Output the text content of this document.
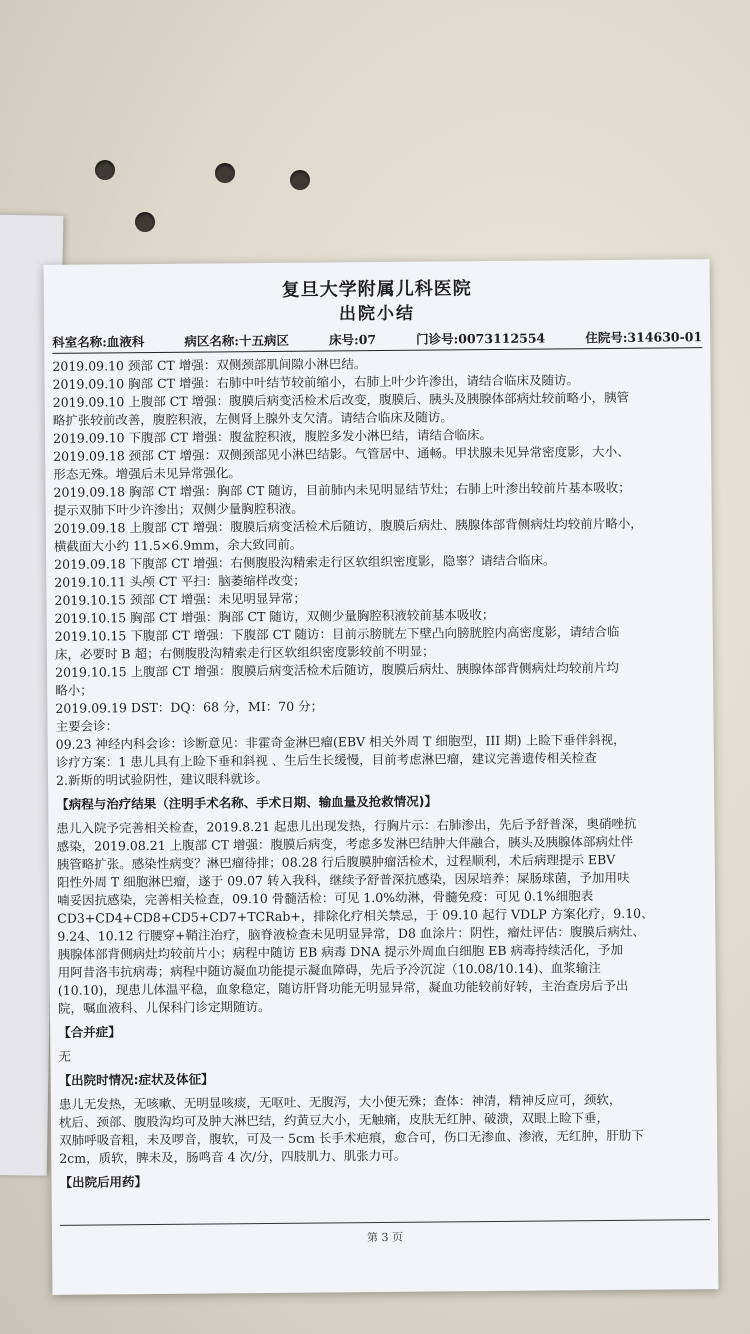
复旦大学附属儿科医院
出院小结
科室名称:血液科	病区名称:十五病区	床号:07	门诊号:0073112554	住院号:314630-01
2019.09.10 颈部 CT 增强：双侧颈部肌间隙小淋巴结。
2019.09.10 胸部 CT 增强：右肺中叶结节较前缩小，右肺上叶少许渗出，请结合临床及随访。
2019.09.10 上腹部 CT 增强：腹膜后病变活检术后改变，腹膜后、胰头及胰腺体部病灶较前略小，胰管
略扩张较前改善，腹腔积液，左侧肾上腺外支欠清。请结合临床及随访。
2019.09.10 下腹部 CT 增强：腹盆腔积液，腹腔多发小淋巴结，请结合临床。
2019.09.18 颈部 CT 增强：双侧颈部见小淋巴结影。气管居中、通畅。甲状腺未见异常密度影，大小、
形态无殊。增强后未见异常强化。
2019.09.18 胸部 CT 增强：胸部 CT 随访，目前肺内未见明显结节灶；右肺上叶渗出较前片基本吸收；
提示双肺下叶少许渗出；双侧少量胸腔积液。
2019.09.18 上腹部 CT 增强：腹膜后病变活检术后随访，腹膜后病灶、胰腺体部背侧病灶均较前片略小，
横截面大小约 11.5×6.9mm，余大致同前。
2019.09.18 下腹部 CT 增强：右侧腹股沟精索走行区软组织密度影，隐睾？请结合临床。
2019.10.11 头颅 CT 平扫：脑萎缩样改变；
2019.10.15 颈部 CT 增强：未见明显异常；
2019.10.15 胸部 CT 增强：胸部 CT 随访，双侧少量胸腔积液较前基本吸收；
2019.10.15 下腹部 CT 增强：下腹部 CT 随访：目前示膀胱左下壁凸向膀胱腔内高密度影，请结合临
床，必要时 B 超；右侧腹股沟精索走行区软组织密度影较前不明显；
2019.10.15 上腹部 CT 增强：腹膜后病变活检术后随访，腹膜后病灶、胰腺体部背侧病灶均较前片均
略小；
2019.09.19 DST：DQ：68 分，MI：70 分；
主要会诊：
09.23 神经内科会诊：诊断意见：非霍奇金淋巴瘤(EBV 相关外周 T 细胞型，III 期) 上睑下垂伴斜视，
诊疗方案：1 患儿具有上睑下垂和斜视 、生后生长缓慢，目前考虑淋巴瘤，建议完善遗传相关检查
2.新斯的明试验阴性，建议眼科就诊。
【病程与治疗结果（注明手术名称、手术日期、输血量及抢救情况)】
患儿入院予完善相关检查，2019.8.21 起患儿出现发热，行胸片示：右肺渗出，先后予舒普深，奥硝唑抗
感染，2019.08.21 上腹部 CT 增强：腹膜后病变，考虑多发淋巴结肿大伴融合，胰头及胰腺体部病灶伴
胰管略扩张。感染性病变？淋巴瘤待排；08.28 行后腹膜肿瘤活检术，过程顺利，术后病理提示 EBV
阳性外周 T 细胞淋巴瘤，遂于 09.07 转入我科，继续予舒普深抗感染，因尿培养：屎肠球菌，予加用呋
喃妥因抗感染，完善相关检查，09.10 骨髓活检：可见 1.0%幼淋，骨髓免疫：可见 0.1%细胞表
CD3+CD4+CD8+CD5+CD7+TCRab+，排除化疗相关禁忌，于 09.10 起行 VDLP 方案化疗，9.10、
9.24、10.12 行腰穿+鞘注治疗，脑脊液检查未见明显异常，D8 血涂片：阴性，瘤灶评估：腹膜后病灶、
胰腺体部背侧病灶均较前片小；病程中随访 EB 病毒 DNA 提示外周血白细胞 EB 病毒持续活化，予加
用阿昔洛韦抗病毒；病程中随访凝血功能提示凝血障碍，先后予冷沉淀（10.08/10.14)、血浆输注
(10.10)，现患儿体温平稳，血象稳定，随访肝肾功能无明显异常，凝血功能较前好转，主治查房后予出
院，嘱血液科、儿保科门诊定期随访。
【合并症】
无
【出院时情况:症状及体征】
患儿无发热，无咳嗽、无明显咳痰，无呕吐、无腹泻，大小便无殊；查体：神清，精神反应可，颈软，
枕后、颈部、腹股沟均可及肿大淋巴结，约黄豆大小，无触痛，皮肤无红肿、破溃，双眼上睑下垂，
双肺呼吸音粗，未及啰音，腹软，可及一 5cm 长手术疤痕，愈合可，伤口无渗血、渗液，无红肿，肝肋下
2cm，质软，脾未及，肠鸣音 4 次/分，四肢肌力、肌张力可。
【出院后用药】
第 3 页
